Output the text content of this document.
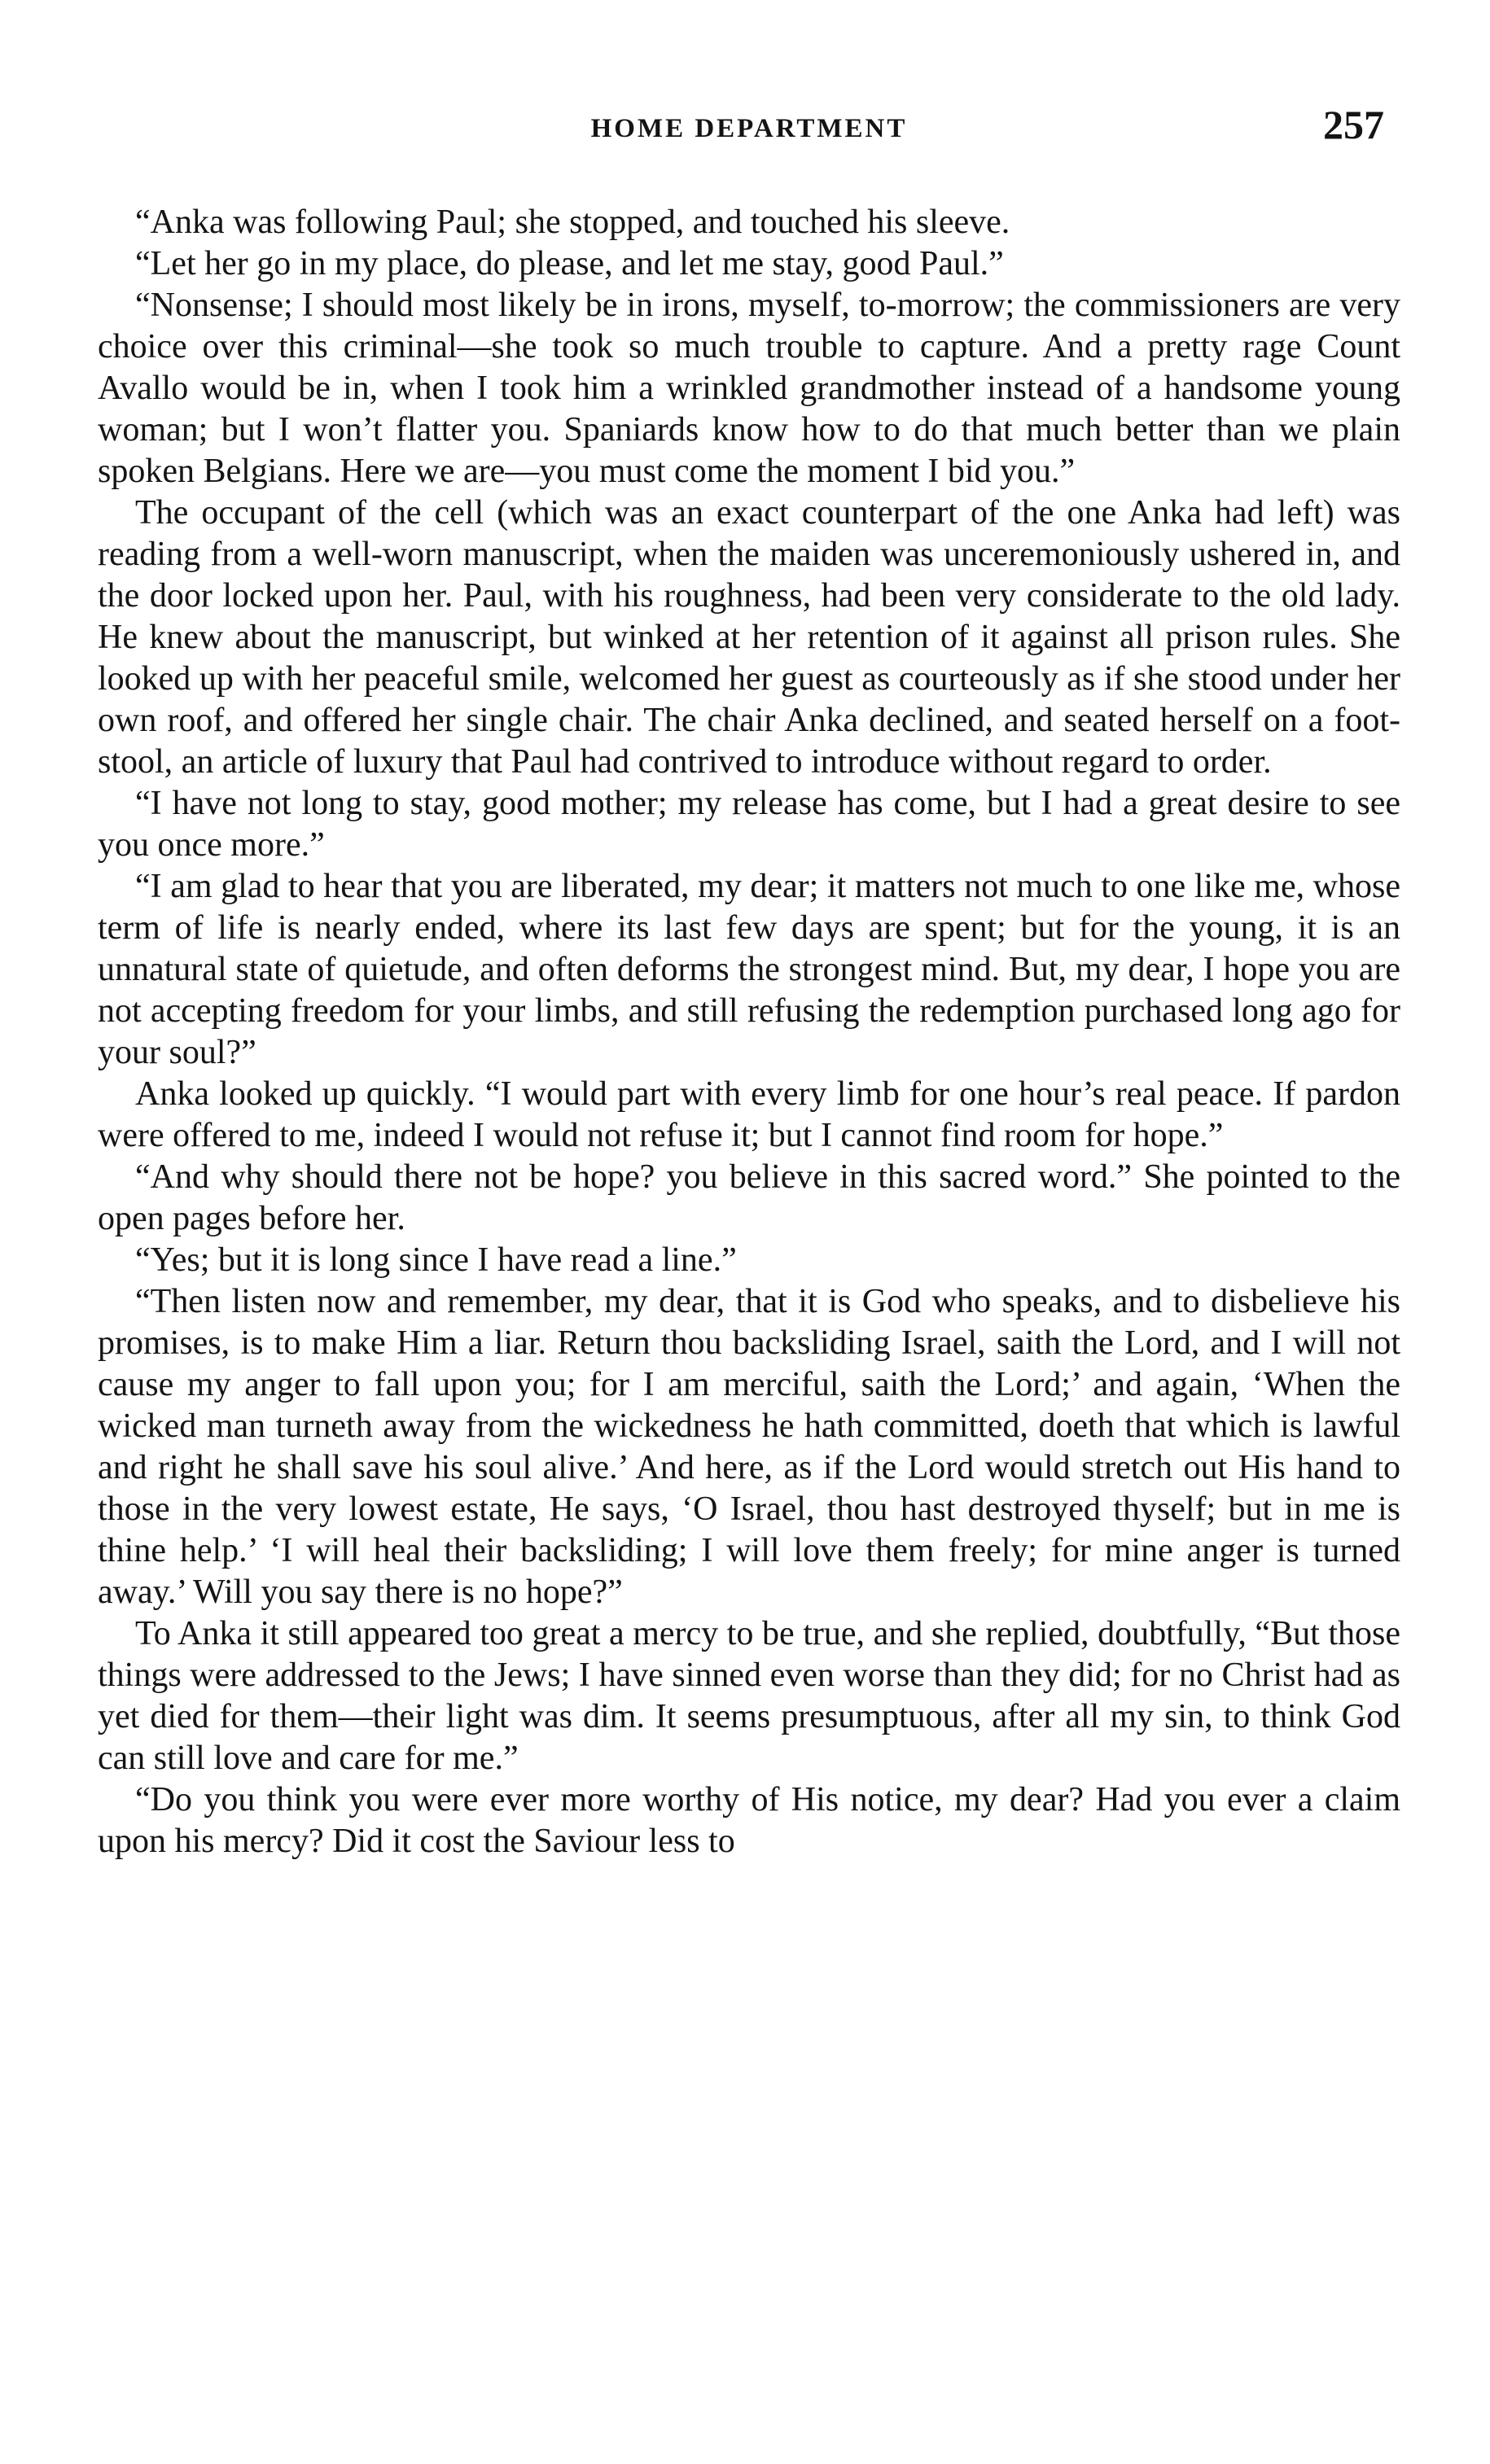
HOME DEPARTMENT	257

“Anka was following Paul; she stopped, and touched his sleeve.

“Let her go in my place, do please, and let me stay, good Paul.”

“Nonsense; I should most likely be in irons, myself, to-morrow; the commissioners are very choice over this criminal—she took so much trouble to capture. And a pretty rage Count Avallo would be in, when I took him a wrinkled grandmother instead of a handsome young woman; but I won’t flatter you. Spaniards know how to do that much better than we plain spoken Belgians. Here we are—you must come the moment I bid you.”

The occupant of the cell (which was an exact counterpart of the one Anka had left) was reading from a well-worn manuscript, when the maiden was unceremoniously ushered in, and the door locked upon her. Paul, with his roughness, had been very considerate to the old lady. He knew about the manuscript, but winked at her retention of it against all prison rules. She looked up with her peaceful smile, welcomed her guest as courteously as if she stood under her own roof, and offered her single chair. The chair Anka declined, and seated herself on a foot-stool, an article of luxury that Paul had contrived to introduce without regard to order.

“I have not long to stay, good mother; my release has come, but I had a great desire to see you once more.”

“I am glad to hear that you are liberated, my dear; it matters not much to one like me, whose term of life is nearly ended, where its last few days are spent; but for the young, it is an unnatural state of quietude, and often deforms the strongest mind. But, my dear, I hope you are not accepting freedom for your limbs, and still refusing the redemption purchased long ago for your soul?”

Anka looked up quickly. “I would part with every limb for one hour’s real peace. If pardon were offered to me, indeed I would not refuse it; but I cannot find room for hope.”

“And why should there not be hope? you believe in this sacred word.” She pointed to the open pages before her.

“Yes; but it is long since I have read a line.”

“Then listen now and remember, my dear, that it is God who speaks, and to disbelieve his promises, is to make Him a liar. Return thou backsliding Israel, saith the Lord, and I will not cause my anger to fall upon you; for I am merciful, saith the Lord;’ and again, ‘When the wicked man turneth away from the wickedness he hath committed, doeth that which is lawful and right he shall save his soul alive.’ And here, as if the Lord would stretch out His hand to those in the very lowest estate, He says, ‘O Israel, thou hast destroyed thyself; but in me is thine help.’ ‘I will heal their backsliding; I will love them freely; for mine anger is turned away.’ Will you say there is no hope?”

To Anka it still appeared too great a mercy to be true, and she replied, doubtfully, “But those things were addressed to the Jews; I have sinned even worse than they did; for no Christ had as yet died for them—their light was dim. It seems presumptuous, after all my sin, to think God can still love and care for me.”

“Do you think you were ever more worthy of His notice, my dear? Had you ever a claim upon his mercy? Did it cost the Saviour less to
